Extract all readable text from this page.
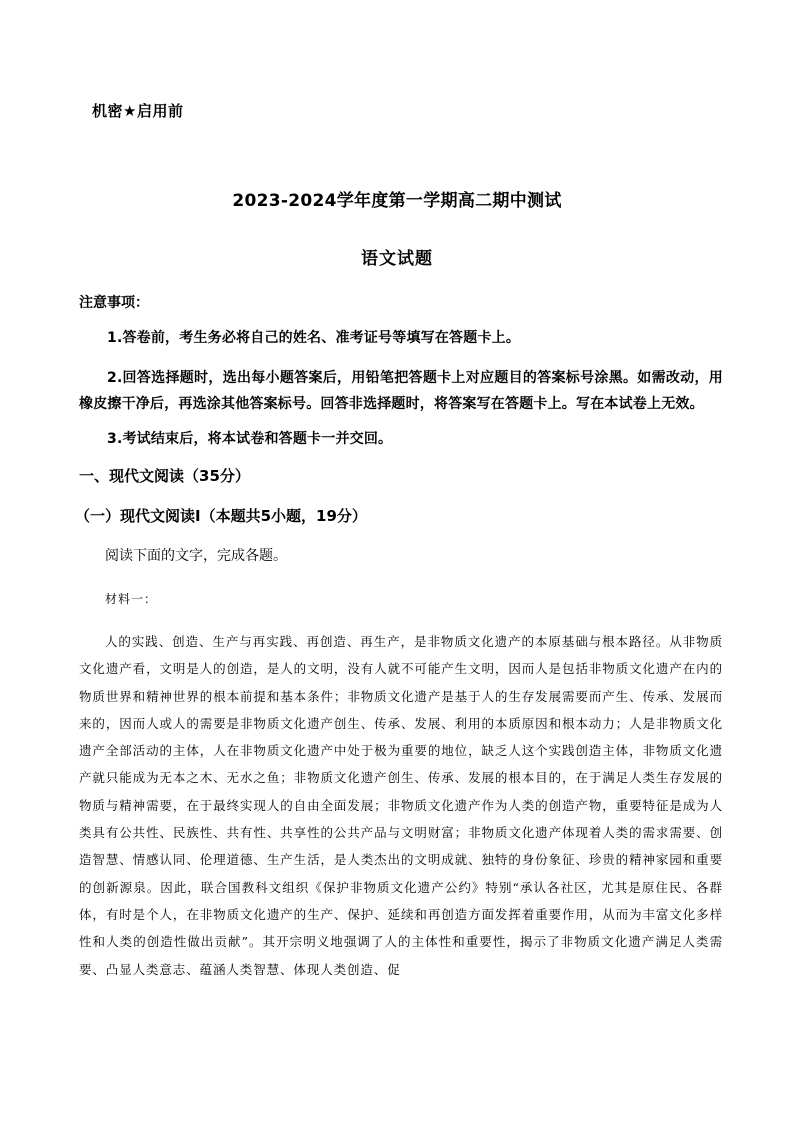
机密★启用前
2023-2024学年度第一学期高二期中测试
语文试题
注意事项：
1.答卷前，考生务必将自己的姓名、准考证号等填写在答题卡上。
2.回答选择题时，选出每小题答案后，用铅笔把答题卡上对应题目的答案标号涂黑。如需改动，用橡皮擦干净后，再选涂其他答案标号。回答非选择题时，将答案写在答题卡上。写在本试卷上无效。
3.考试结束后，将本试卷和答题卡一并交回。
一、现代文阅读（35分）
（一）现代文阅读Ⅰ（本题共5小题，19分）
阅读下面的文字，完成各题。
材料一：
人的实践、创造、生产与再实践、再创造、再生产，是非物质文化遗产的本原基础与根本路径。从非物质文化遗产看，文明是人的创造，是人的文明，没有人就不可能产生文明，因而人是包括非物质文化遗产在内的物质世界和精神世界的根本前提和基本条件；非物质文化遗产是基于人的生存发展需要而产生、传承、发展而来的，因而人或人的需要是非物质文化遗产创生、传承、发展、利用的本质原因和根本动力；人是非物质文化遗产全部活动的主体，人在非物质文化遗产中处于极为重要的地位，缺乏人这个实践创造主体，非物质文化遗产就只能成为无本之木、无水之鱼；非物质文化遗产创生、传承、发展的根本目的，在于满足人类生存发展的物质与精神需要，在于最终实现人的自由全面发展；非物质文化遗产作为人类的创造产物，重要特征是成为人类具有公共性、民族性、共有性、共享性的公共产品与文明财富；非物质文化遗产体现着人类的需求需要、创造智慧、情感认同、伦理道德、生产生活，是人类杰出的文明成就、独特的身份象征、珍贵的精神家园和重要的创新源泉。因此，联合国教科文组织《保护非物质文化遗产公约》特别“承认各社区，尤其是原住民、各群体，有时是个人，在非物质文化遗产的生产、保护、延续和再创造方面发挥着重要作用，从而为丰富文化多样性和人类的创造性做出贡献”。其开宗明义地强调了人的主体性和重要性，揭示了非物质文化遗产满足人类需要、凸显人类意志、蕴涵人类智慧、体现人类创造、促
